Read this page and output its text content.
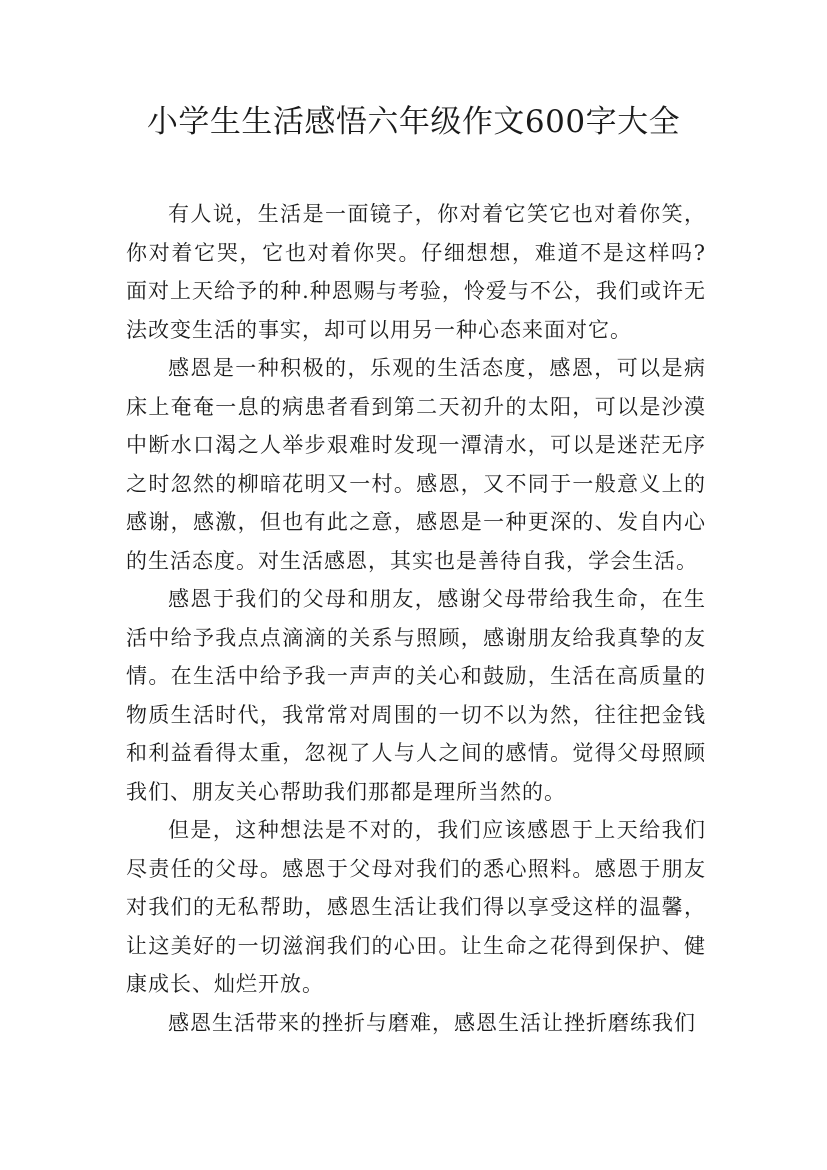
小学生生活感悟六年级作文600字大全

有人说，生活是一面镜子，你对着它笑它也对着你笑，你对着它哭，它也对着你哭。仔细想想，难道不是这样吗?面对上天给予的种.种恩赐与考验，怜爱与不公，我们或许无法改变生活的事实，却可以用另一种心态来面对它。

感恩是一种积极的，乐观的生活态度，感恩，可以是病床上奄奄一息的病患者看到第二天初升的太阳，可以是沙漠中断水口渴之人举步艰难时发现一潭清水，可以是迷茫无序之时忽然的柳暗花明又一村。感恩，又不同于一般意义上的感谢，感激，但也有此之意，感恩是一种更深的、发自内心的生活态度。对生活感恩，其实也是善待自我，学会生活。

感恩于我们的父母和朋友，感谢父母带给我生命，在生活中给予我点点滴滴的关系与照顾，感谢朋友给我真挚的友情。在生活中给予我一声声的关心和鼓励，生活在高质量的物质生活时代，我常常对周围的一切不以为然，往往把金钱和利益看得太重，忽视了人与人之间的感情。觉得父母照顾我们、朋友关心帮助我们那都是理所当然的。

但是，这种想法是不对的，我们应该感恩于上天给我们尽责任的父母。感恩于父母对我们的悉心照料。感恩于朋友对我们的无私帮助，感恩生活让我们得以享受这样的温馨，让这美好的一切滋润我们的心田。让生命之花得到保护、健康成长、灿烂开放。

感恩生活带来的挫折与磨难，感恩生活让挫折磨练我们
